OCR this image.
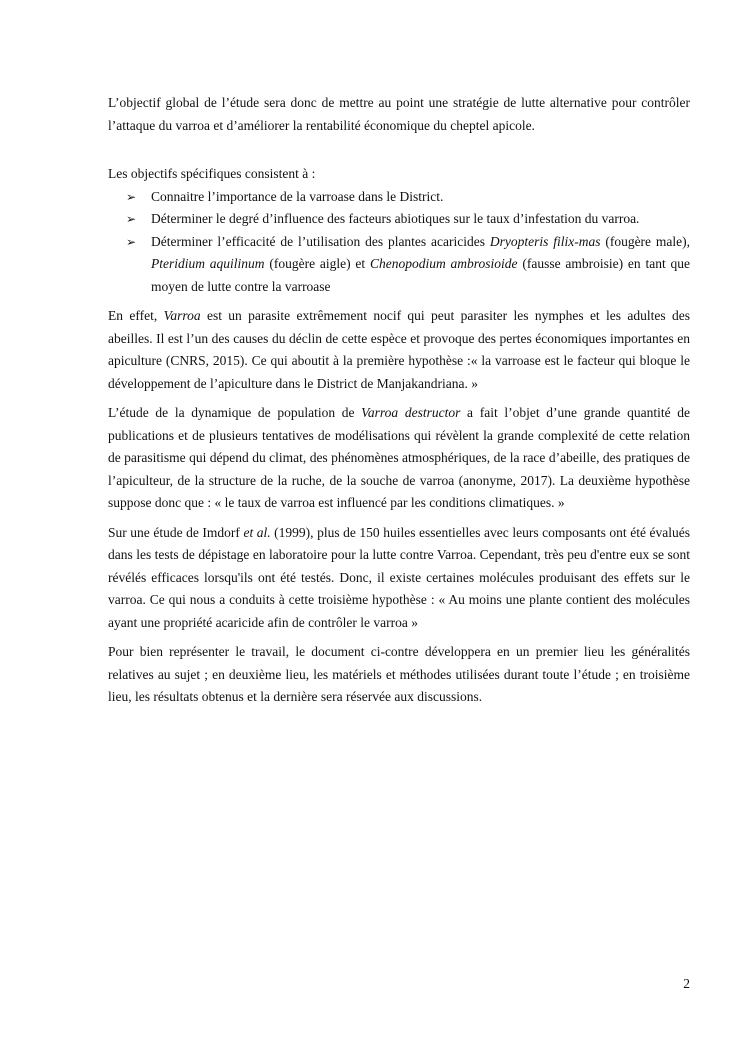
L’objectif global de l’étude sera donc de mettre au point une stratégie de lutte alternative pour contrôler l’attaque du varroa et d’améliorer la rentabilité économique du cheptel apicole.

Les objectifs spécifiques consistent à :

➢ Connaitre l’importance de la varroase dans le District.
➢ Déterminer le degré d’influence des facteurs abiotiques sur le taux d’infestation du varroa.
➢ Déterminer l’efficacité de l’utilisation des plantes acaricides Dryopteris filix-mas (fougère male), Pteridium aquilinum (fougère aigle) et Chenopodium ambrosioide (fausse ambroisie) en tant que moyen de lutte contre la varroase

En effet, Varroa est un parasite extrêmement nocif qui peut parasiter les nymphes et les adultes des abeilles. Il est l’un des causes du déclin de cette espèce et provoque des pertes économiques importantes en apiculture (CNRS, 2015). Ce qui aboutit à la première hypothèse :« la varroase est le facteur qui bloque le développement de l’apiculture dans le District de Manjakandriana. »

L’étude de la dynamique de population de Varroa destructor a fait l’objet d’une grande quantité de publications et de plusieurs tentatives de modélisations qui révèlent la grande complexité de cette relation de parasitisme qui dépend du climat, des phénomènes atmosphériques, de la race d’abeille, des pratiques de l’apiculteur, de la structure de la ruche, de la souche de varroa (anonyme, 2017). La deuxième hypothèse suppose donc que : « le taux de varroa est influencé par les conditions climatiques. »

Sur une étude de Imdorf et al. (1999), plus de 150 huiles essentielles avec leurs composants ont été évalués dans les tests de dépistage en laboratoire pour la lutte contre Varroa. Cependant, très peu d'entre eux se sont révélés efficaces lorsqu'ils ont été testés. Donc, il existe certaines molécules produisant des effets sur le varroa. Ce qui nous a conduits à cette troisième hypothèse : « Au moins une plante contient des molécules ayant une propriété acaricide afin de contrôler le varroa »

Pour bien représenter le travail, le document ci-contre développera en un premier lieu les généralités relatives au sujet ; en deuxième lieu, les matériels et méthodes utilisées durant toute l’étude ; en troisième lieu, les résultats obtenus et la dernière sera réservée aux discussions.

2
